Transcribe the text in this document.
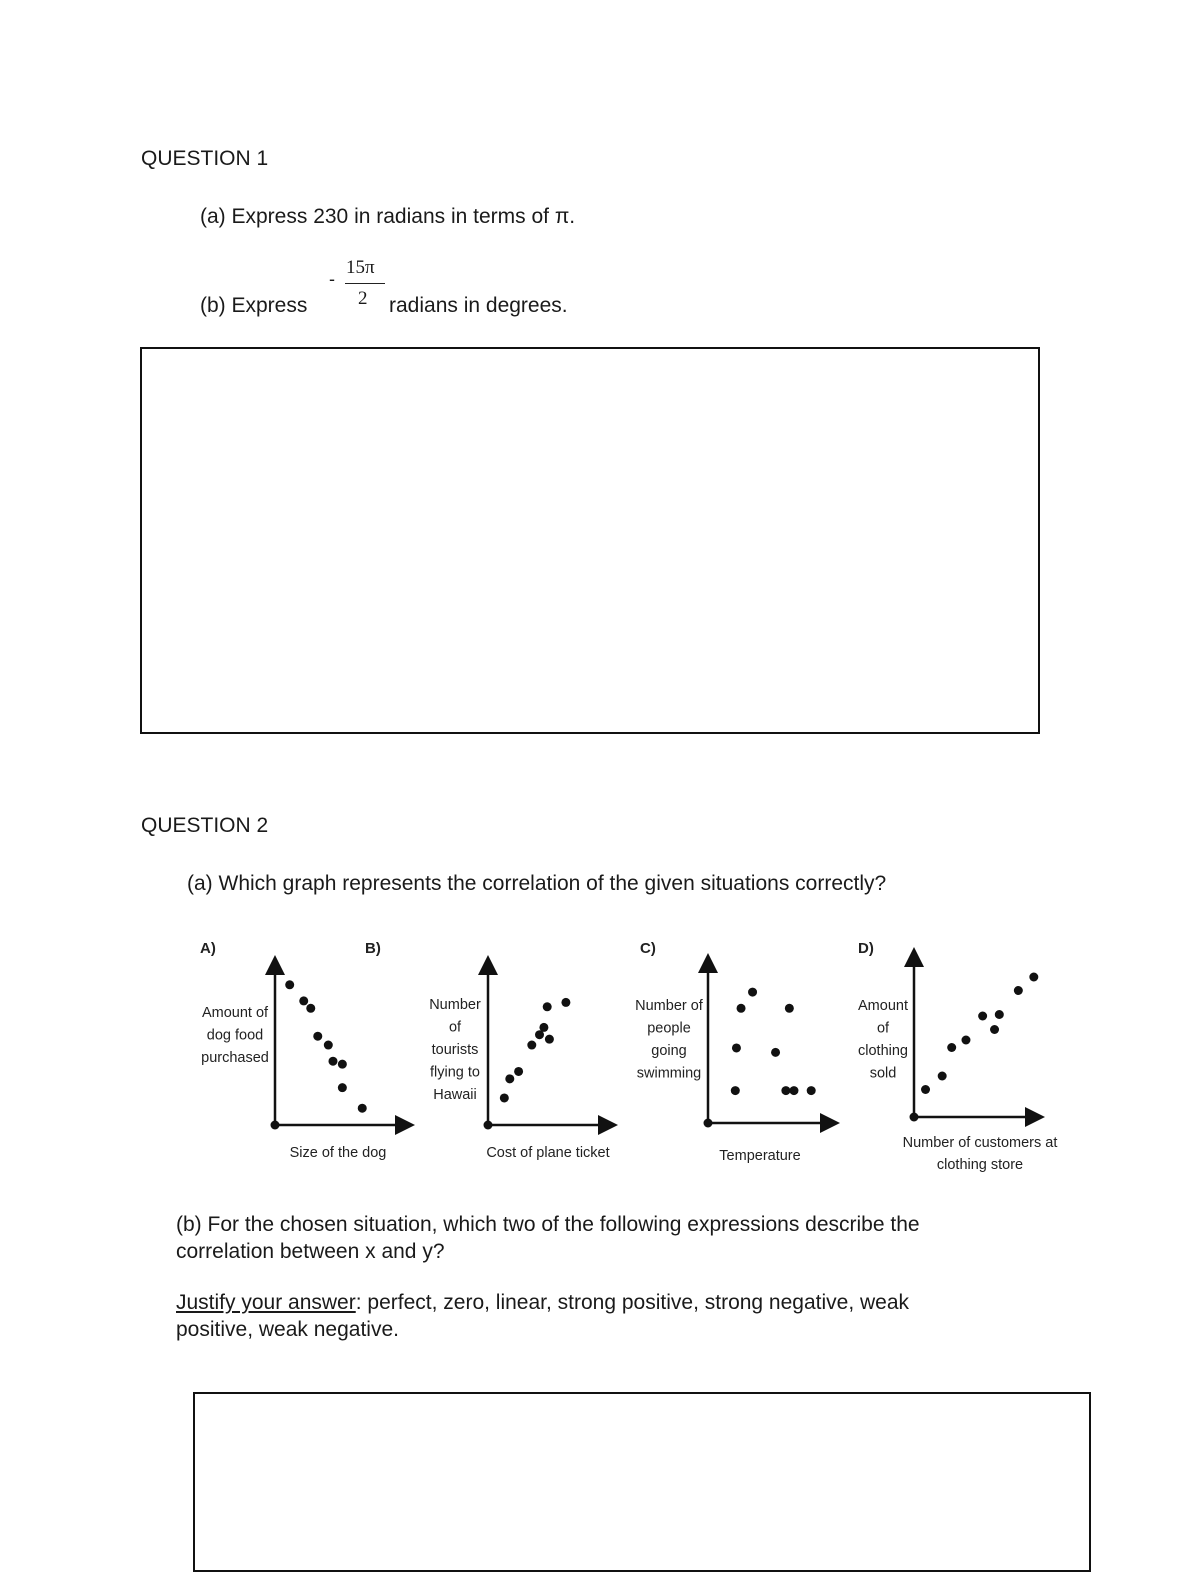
QUESTION 1
(a) Express 230 in radians in terms of π.
(b) Express
-
15π
2 radians in degrees.
QUESTION 2
(a) Which graph represents the correlation of the given situations correctly?
A)
Amount of
dog food
purchased
Size of the dog
B)
Number
of
tourists
flying to
Hawaii
Cost of plane ticket
C)
Number of
people
going
swimming
Temperature
D)
Amount
of
clothing
sold
Number of customers at
clothing store
(b) For the chosen situation, which two of the following expressions describe the
correlation between x and y?
Justify your answer: perfect, zero, linear, strong positive, strong negative, weak
positive, weak negative.
